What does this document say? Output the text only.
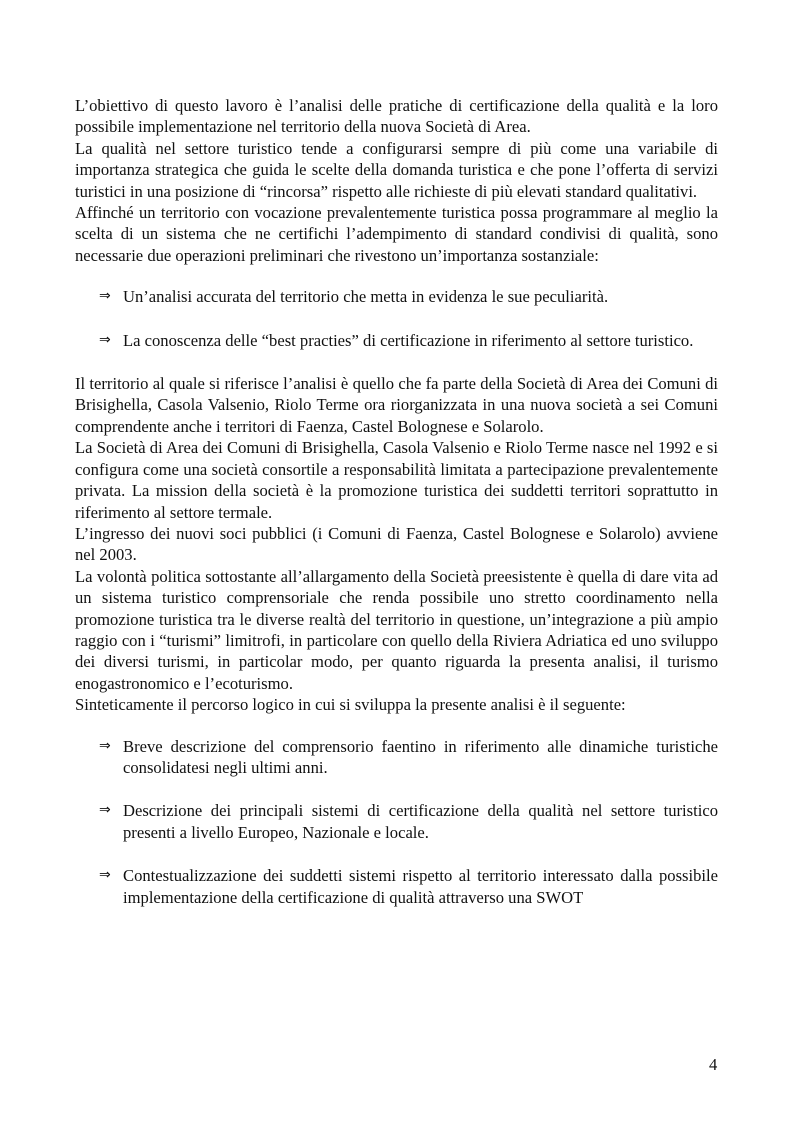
L’obiettivo di questo lavoro è l’analisi delle pratiche di certificazione della qualità e la loro possibile implementazione nel territorio della nuova Società di Area.

La qualità nel settore turistico tende a configurarsi sempre di più come una variabile di importanza strategica che guida le scelte della domanda turistica e che pone l’offerta di servizi turistici in una posizione di “rincorsa” rispetto alle richieste di più elevati standard qualitativi.

Affinché un territorio con vocazione prevalentemente turistica possa programmare al meglio la scelta di un sistema che ne certifichi l’adempimento di standard condivisi di qualità, sono necessarie due operazioni preliminari che rivestono un’importanza sostanziale:

⇒ Un’analisi accurata del territorio che metta in evidenza le sue peculiarità.
⇒ La conoscenza delle “best practies” di certificazione in riferimento al settore turistico.

Il territorio al quale si riferisce l’analisi è quello che fa parte della Società di Area dei Comuni di Brisighella, Casola Valsenio, Riolo Terme ora riorganizzata in una nuova società a sei Comuni comprendente anche i territori di Faenza, Castel Bolognese e Solarolo.

La Società di Area dei Comuni di Brisighella, Casola Valsenio e Riolo Terme nasce nel 1992 e si configura come una società consortile a responsabilità limitata a partecipazione prevalentemente privata. La mission della società è la promozione turistica dei suddetti territori soprattutto in riferimento al settore termale.

L’ingresso dei nuovi soci pubblici (i Comuni di Faenza, Castel Bolognese e Solarolo) avviene nel 2003.

La volontà politica sottostante all’allargamento della Società preesistente è quella di dare vita ad un sistema turistico comprensoriale che renda possibile uno stretto coordinamento nella promozione turistica tra le diverse realtà del territorio in questione, un’integrazione a più ampio raggio con i “turismi” limitrofi, in particolare con quello della Riviera Adriatica ed uno sviluppo dei diversi turismi, in particolar modo, per quanto riguarda la presenta analisi, il turismo enogastronomico e l’ecoturismo.

Sinteticamente il percorso logico in cui si sviluppa la presente analisi è il seguente:

⇒ Breve descrizione del comprensorio faentino in riferimento alle dinamiche turistiche consolidatesi negli ultimi anni.
⇒ Descrizione dei principali sistemi di certificazione della qualità nel settore turistico presenti a livello Europeo, Nazionale e locale.
⇒ Contestualizzazione dei suddetti sistemi rispetto al territorio interessato dalla possibile implementazione della certificazione di qualità attraverso una SWOT
4
